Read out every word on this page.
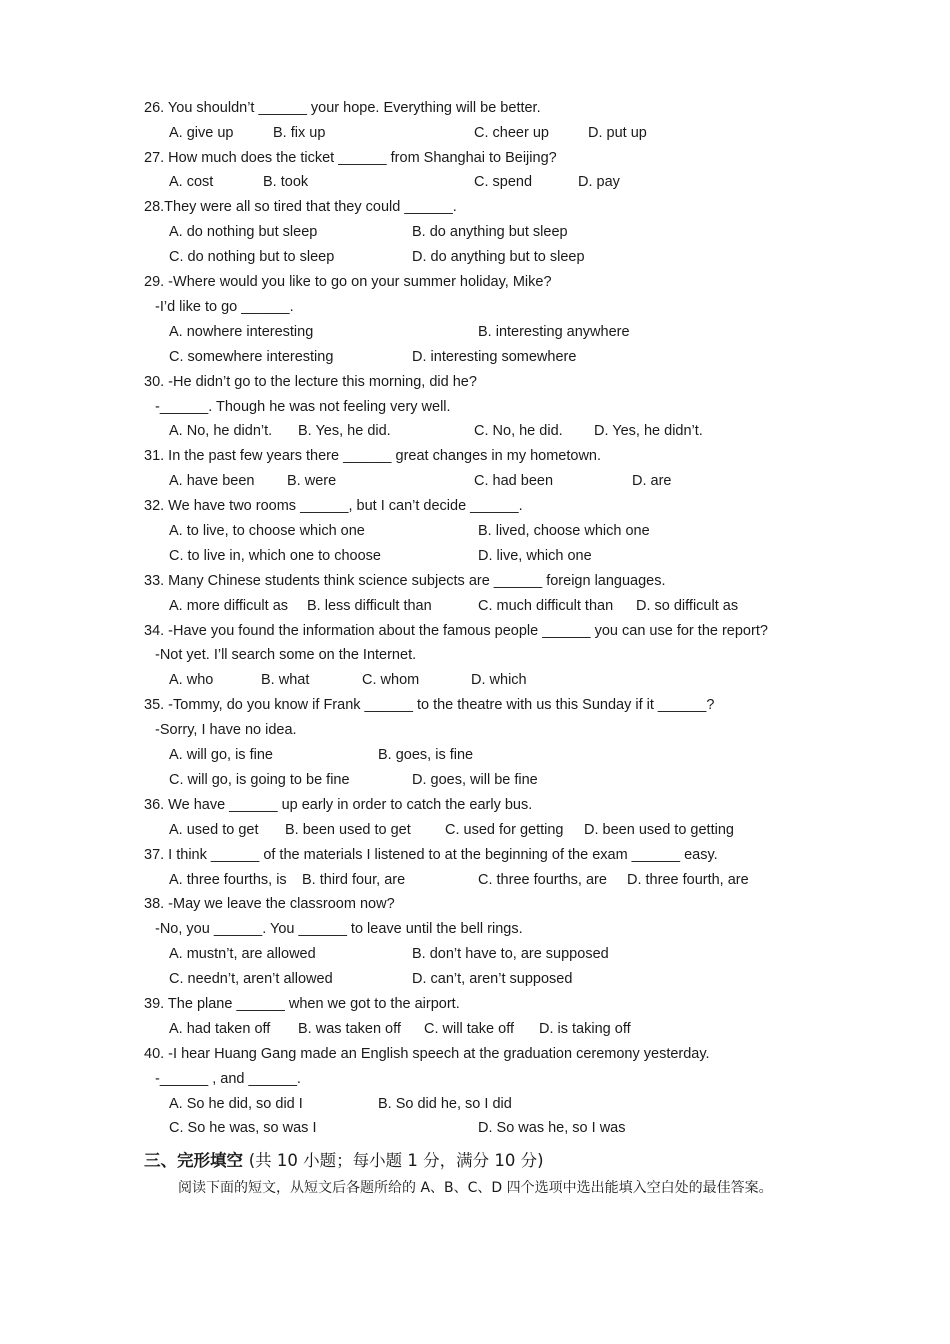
26. You shouldn’t ______ your hope. Everything will be better.
A. give up	B. fix up	C. cheer up	D. put up
27. How much does the ticket ______ from Shanghai to Beijing?
A. cost	B. took	C. spend	D. pay
28.They were all so tired that they could ______.
A. do nothing but sleep	B. do anything but sleep
C. do nothing but to sleep	D. do anything but to sleep
29. -Where would you like to go on your summer holiday, Mike?
-I’d like to go ______.
A. nowhere interesting	B. interesting anywhere
C. somewhere interesting	D. interesting somewhere
30. -He didn’t go to the lecture this morning, did he?
-______. Though he was not feeling very well.
A. No, he didn’t. B. Yes, he did.	C. No, he did. D. Yes, he didn’t.
31. In the past few years there ______ great changes in my hometown.
A. have been B. were	C. had been	D. are
32. We have two rooms ______, but I can’t decide ______.
A. to live, to choose which one	B. lived, choose which one
C. to live in, which one to choose	D. live, which one
33. Many Chinese students think science subjects are ______ foreign languages.
A. more difficult as B. less difficult than	C. much difficult than D. so difficult as
34. -Have you found the information about the famous people ______ you can use for the report?
-Not yet. I’ll search some on the Internet.
A. who	B. what	C. whom	D. which
35. -Tommy, do you know if Frank ______ to the theatre with us this Sunday if it ______?
-Sorry, I have no idea.
A. will go, is fine	B. goes, is fine
C. will go, is going to be fine	D. goes, will be fine
36. We have ______ up early in order to catch the early bus.
A. used to get B. been used to get C. used for getting D. been used to getting
37. I think ______ of the materials I listened to at the beginning of the exam ______ easy.
A. three fourths, is B. third four, are	C. three fourths, are D. three fourth, are
38. -May we leave the classroom now?
-No, you ______. You ______ to leave until the bell rings.
A. mustn’t, are allowed	B. don’t have to, are supposed
C. needn’t, aren’t allowed	D. can’t, aren’t supposed
39. The plane ______ when we got to the airport.
A. had taken off B. was taken off C. will take off D. is taking off
40. -I hear Huang Gang made an English speech at the graduation ceremony yesterday.
-______ , and ______.
A. So he did, so did I	B. So did he, so I did
C. So he was, so was I	D. So was he, so I was
三、完形填空 (共 10 小题；每小题 1 分，满分 10 分)
阅读下面的短文，从短文后各题所给的 A、B、C、D 四个选项中选出能填入空白处的最佳答案。
